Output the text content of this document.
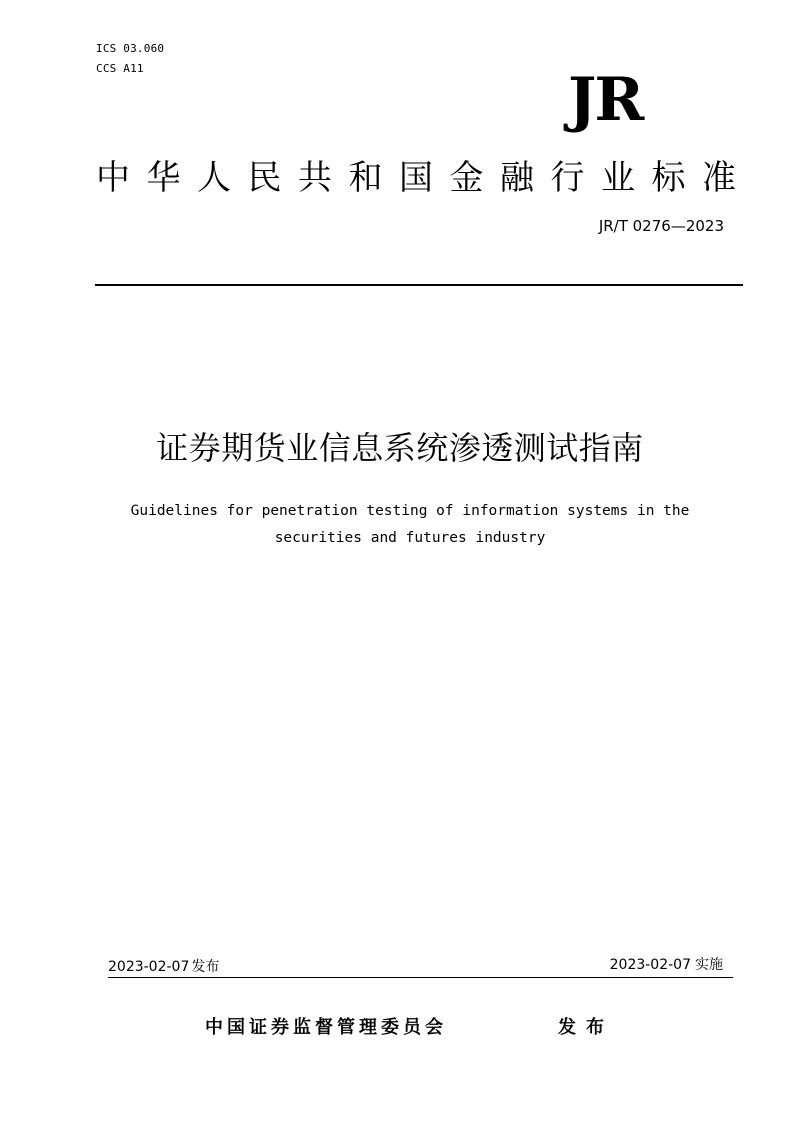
ICS 03.060
CCS A11	JR
中 华 人 民 共 和 国 金 融 行 业 标 准
JR/T 0276—2023
证券期货业信息系统渗透测试指南
Guidelines for penetration testing of information systems in the
securities and futures industry
2023-02-07 发布	2023-02-07 实施
中国证券监督管理委员会	发布
